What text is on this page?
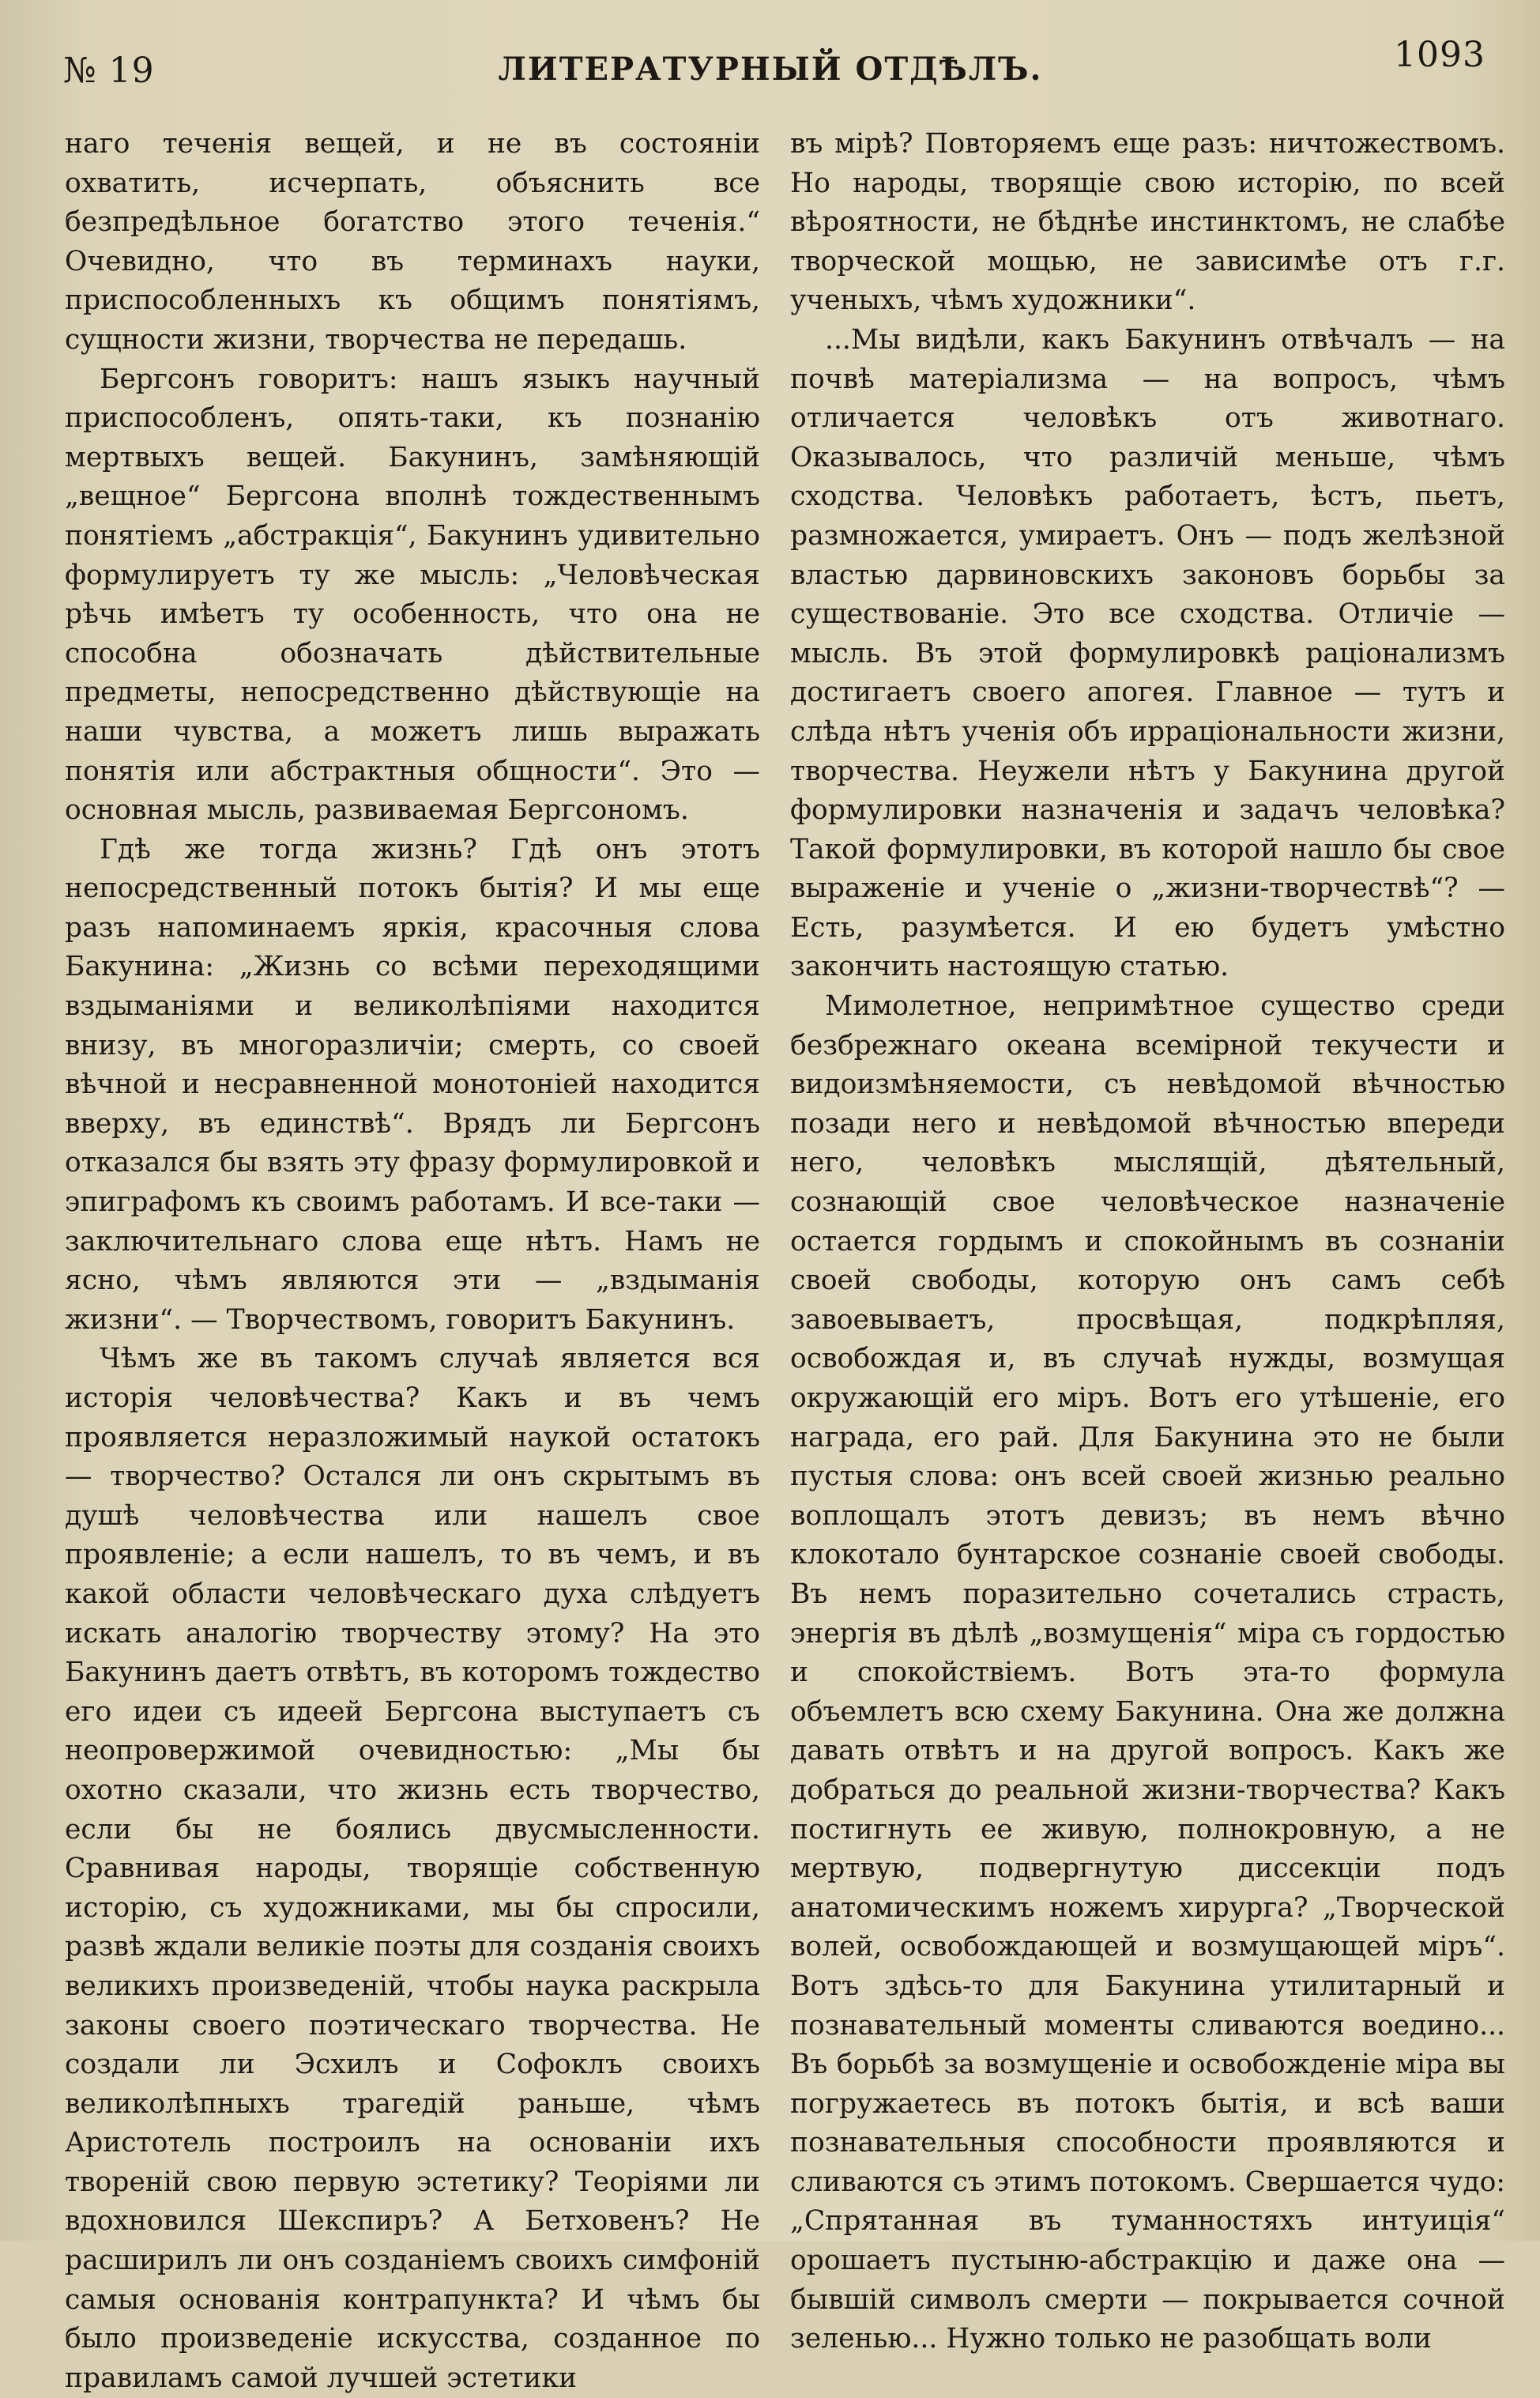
№ 19	ЛИТЕРАТУРНЫЙ ОТДѢЛЪ.	1093

наго теченія вещей, и не въ состояніи охватить, исчерпать, объяснить все безпредѣльное богатство этого теченія.“ Очевидно, что въ терминахъ науки, приспособленныхъ къ общимъ понятіямъ, сущности жизни, творчества не передашь.

Бергсонъ говоритъ: нашъ языкъ научный приспособленъ, опять-таки, къ познанію мертвыхъ вещей. Бакунинъ, замѣняющій „вещное“ Бергсона вполнѣ тождественнымъ понятіемъ „абстракція“, Бакунинъ удивительно формулируетъ ту же мысль: „Человѣческая рѣчь имѣетъ ту особенность, что она не способна обозначать дѣйствительные предметы, непосредственно дѣйствующіе на наши чувства, а можетъ лишь выражать понятія или абстрактныя общности“. Это — основная мысль, развиваемая Бергсономъ.

Гдѣ же тогда жизнь? Гдѣ онъ этотъ непосредственный потокъ бытія? И мы еще разъ напоминаемъ яркія, красочныя слова Бакунина: „Жизнь со всѣми переходящими вздыманіями и великолѣпіями находится внизу, въ многоразличіи; смерть, со своей вѣчной и несравненной монотоніей находится вверху, въ единствѣ“. Врядъ ли Бергсонъ отказался бы взять эту фразу формулировкой и эпиграфомъ къ своимъ работамъ. И все-таки — заключительнаго слова еще нѣтъ. Намъ не ясно, чѣмъ являются эти — „вздыманія жизни“. — Творчествомъ, говоритъ Бакунинъ.

Чѣмъ же въ такомъ случаѣ является вся исторія человѣчества? Какъ и въ чемъ проявляется неразложимый наукой остатокъ — творчество? Остался ли онъ скрытымъ въ душѣ человѣчества или нашелъ свое проявленіе; а если нашелъ, то въ чемъ, и въ какой области человѣческаго духа слѣдуетъ искать аналогію творчеству этому? На это Бакунинъ даетъ отвѣтъ, въ которомъ тождество его идеи съ идеей Бергсона выступаетъ съ неопровержимой очевидностью: „Мы бы охотно сказали, что жизнь есть творчество, если бы не боялись двусмысленности. Сравнивая народы, творящіе собственную исторію, съ художниками, мы бы спросили, развѣ ждали великіе поэты для созданія своихъ великихъ произведеній, чтобы наука раскрыла законы своего поэтическаго творчества. Не создали ли Эсхилъ и Софоклъ своихъ великолѣпныхъ трагедій раньше, чѣмъ Аристотель построилъ на основаніи ихъ твореній свою первую эстетику? Теоріями ли вдохновился Шекспиръ? А Бетховенъ? Не расширилъ ли онъ созданіемъ своихъ симфоній самыя основанія контрапункта? И чѣмъ бы было произведеніе искусства, созданное по правиламъ самой лучшей эстетики

въ мірѣ? Повторяемъ еще разъ: ничтожествомъ. Но народы, творящіе свою исторію, по всей вѣроятности, не бѣднѣе инстинктомъ, не слабѣе творческой мощью, не зависимѣе отъ г.г. ученыхъ, чѣмъ художники“.

...Мы видѣли, какъ Бакунинъ отвѣчалъ — на почвѣ матеріализма — на вопросъ, чѣмъ отличается человѣкъ отъ животнаго. Оказывалось, что различій меньше, чѣмъ сходства. Человѣкъ работаетъ, ѣстъ, пьетъ, размножается, умираетъ. Онъ — подъ желѣзной властью дарвиновскихъ законовъ борьбы за существованіе. Это все сходства. Отличіе — мысль. Въ этой формулировкѣ раціонализмъ достигаетъ своего апогея. Главное — тутъ и слѣда нѣтъ ученія объ иррацiональности жизни, творчества. Неужели нѣтъ у Бакунина другой формулировки назначенія и задачъ человѣка? Такой формулировки, въ которой нашло бы свое выраженіе и ученіе о „жизни-творчествѣ“? — Есть, разумѣется. И ею будетъ умѣстно закончить настоящую статью.

Мимолетное, непримѣтное существо среди безбрежнаго океана всемірной текучести и видоизмѣняемости, съ невѣдомой вѣчностью позади него и невѣдомой вѣчностью впереди него, человѣкъ мыслящій, дѣятельный, сознающій свое человѣческое назначеніе остается гордымъ и спокойнымъ въ сознаніи своей свободы, которую онъ самъ себѣ завоевываетъ, просвѣщая, подкрѣпляя, освобождая и, въ случаѣ нужды, возмущая окружающій его міръ. Вотъ его утѣшеніе, его награда, его рай. Для Бакунина это не были пустыя слова: онъ всей своей жизнью реально воплощалъ этотъ девизъ; въ немъ вѣчно клокотало бунтарское сознаніе своей свободы. Въ немъ поразительно сочетались страсть, энергія въ дѣлѣ „возмущенія“ міра съ гордостью и спокойствіемъ. Вотъ эта-то формула объемлетъ всю схему Бакунина. Она же должна давать отвѣтъ и на другой вопросъ. Какъ же добраться до реальной жизни-творчества? Какъ постигнуть ее живую, полнокровную, а не мертвую, подвергнутую диссекціи подъ анатомическимъ ножемъ хирурга? „Творческой волей, освобождающей и возмущающей міръ“. Вотъ здѣсь-то для Бакунина утилитарный и познавательный моменты сливаются воедино... Въ борьбѣ за возмущеніе и освобожденіе міра вы погружаетесь въ потокъ бытія, и всѣ ваши познавательныя способности проявляются и сливаются съ этимъ потокомъ. Свершается чудо: „Спрятанная въ туманностяхъ интуиція“ орошаетъ пустыню-абстракцію и даже она — бывшій символъ смерти — покрывается сочной зеленью... Нужно только не разобщать воли
